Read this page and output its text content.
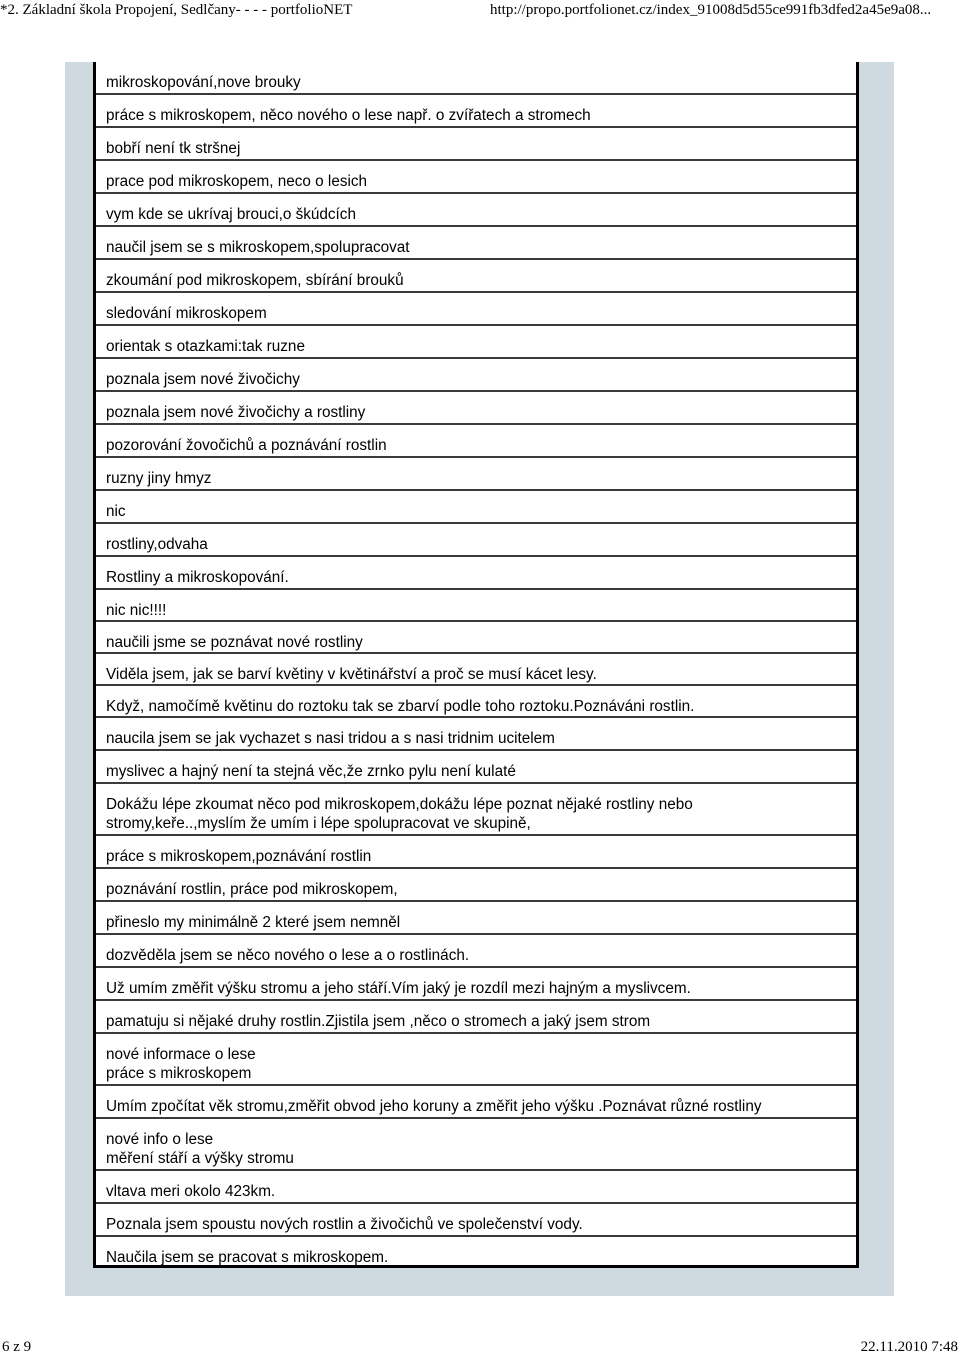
*2. Základní škola Propojení, Sedlčany- - - - portfolioNET	http://propo.portfolionet.cz/index_91008d5d55ce991fb3dfed2a45e9a08...
mikroskopování,nove brouky
práce s mikroskopem, něco nového o lese např. o zvířatech a stromech
bobří není tk stršnej
prace pod mikroskopem, neco o lesich
vym kde se ukrívaj brouci,o škúdcích
naučil jsem se s mikroskopem,spolupracovat
zkoumání pod mikroskopem, sbírání brouků
sledování mikroskopem
orientak s otazkami:tak ruzne
poznala jsem nové živočichy
poznala jsem nové živočichy a rostliny
pozorování žovočichů a poznávání rostlin
ruzny jiny hmyz
nic
rostliny,odvaha
Rostliny a mikroskopování.
nic nic!!!!
naučili jsme se poznávat nové rostliny
Viděla jsem, jak se barví květiny v květinářství a proč se musí kácet lesy.
Když, namočímě květinu do roztoku tak se zbarví podle toho roztoku.Poznáváni rostlin.
naucila jsem se jak vychazet s nasi tridou a s nasi tridnim ucitelem
myslivec a hajný není ta stejná věc,že zrnko pylu není kulaté
Dokážu lépe zkoumat něco pod mikroskopem,dokážu lépe poznat nějaké rostliny nebo
stromy,keře..,myslím že umím i lépe spolupracovat ve skupině,
práce s mikroskopem,poznávání rostlin
poznávání rostlin, práce pod mikroskopem,
přineslo my minimálně 2 které jsem nemněl
dozvěděla jsem se něco nového o lese a o rostlinách.
Už umím změřit výšku stromu a jeho stáří.Vím jaký je rozdíl mezi hajným a myslivcem.
pamatuju si nějaké druhy rostlin.Zjistila jsem ,něco o stromech a jaký jsem strom
nové informace o lese
práce s mikroskopem
Umím zpočítat věk stromu,změřit obvod jeho koruny a změřit jeho výšku .Poznávat různé rostliny
nové info o lese
měření stáří a výšky stromu
vltava meri okolo 423km.
Poznala jsem spoustu nových rostlin a živočichů ve společenství vody.
Naučila jsem se pracovat s mikroskopem.
6 z 9	22.11.2010 7:48
